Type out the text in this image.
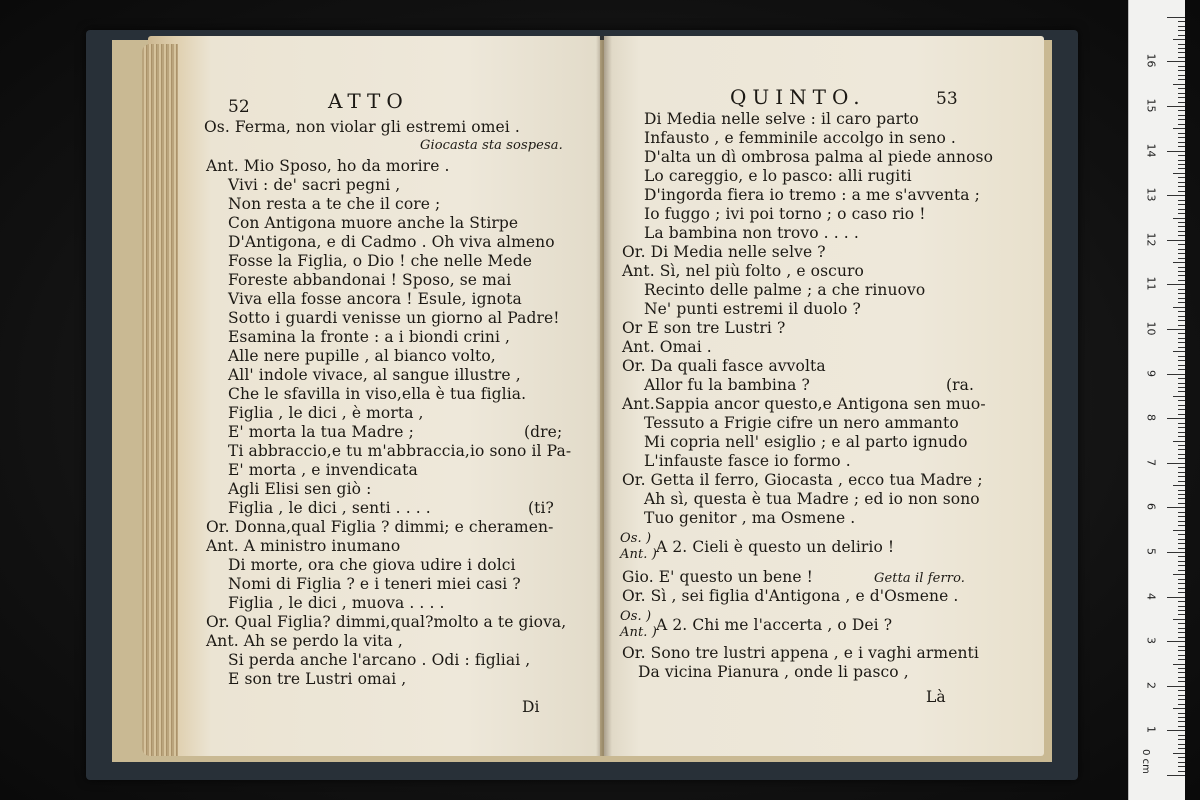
52	ATTO
Os. Ferma, non violar gli estremi omei .
Giocasta sta sospesa.
Ant. Mio Sposo, ho da morire .
Vivi : de' sacri pegni ,
Non resta a te che il core ;
Con Antigona muore anche la Stirpe
D'Antigona, e di Cadmo . Oh viva almeno
Fosse la Figlia, o Dio ! che nelle Mede
Foreste abbandonai ! Sposo, se mai
Viva ella fosse ancora ! Esule, ignota
Sotto i guardi venisse un giorno al Padre!
Esamina la fronte : a i biondi crini ,
Alle nere pupille , al bianco volto,
All' indole vivace, al sangue illustre ,
Che le sfavilla in viso,ella è tua figlia.
Figlia , le dici , è morta ,
E' morta la tua Madre ;	(dre;
Ti abbraccio,e tu m'abbraccia,io sono il Pa-
E' morta , e invendicata
Agli Elisi sen giò :
Figlia , le dici , senti . . . .	(ti?
Or. Donna,qual Figlia ? dimmi; e cheramen-
Ant. A ministro inumano
Di morte, ora che giova udire i dolci
Nomi di Figlia ? e i teneri miei casi ?
Figlia , le dici , muova . . . .
Or. Qual Figlia? dimmi,qual?molto a te giova,
Ant. Ah se perdo la vita ,
Si perda anche l'arcano . Odi : figliai ,
E son tre Lustri omai ,
Di
QUINTO.	53
Di Media nelle selve : il caro parto
Infausto , e femminile accolgo in seno .
D'alta un dì ombrosa palma al piede annoso
Lo careggio, e lo pasco: alli rugiti
D'ingorda fiera io tremo : a me s'avventa ;
Io fuggo ; ivi poi torno ; o caso rio !
La bambina non trovo . . . .
Or. Di Media nelle selve ?
Ant. Sì, nel più folto , e oscuro
Recinto delle palme ; a che rinuovo
Ne' punti estremi il duolo ?
Or E son tre Lustri ?
Ant. Omai .
Or. Da quali fasce avvolta
Allor fu la bambina ?	(ra.
Ant.Sappia ancor questo,e Antigona sen muo-
Tessuto a Frigie cifre un nero ammanto
Mi copria nell' esiglio ; e al parto ignudo
L'infauste fasce io formo .
Or. Getta il ferro, Giocasta , ecco tua Madre ;
Ah sì, questa è tua Madre ; ed io non sono
Tuo genitor , ma Osmene .
Os. )
Ant. ) A 2. Cieli è questo un delirio !
Gio. E' questo un bene !	Getta il ferro.
Or. Sì , sei figlia d'Antigona , e d'Osmene .
Os. )
Ant. ) A 2. Chi me l'accerta , o Dei ?
Or. Sono tre lustri appena , e i vaghi armenti
Da vicina Pianura , onde li pasco ,
Là
0 cm
1
2
3
4
5
6
7
8
9
10
11
12
13
14
15
16
